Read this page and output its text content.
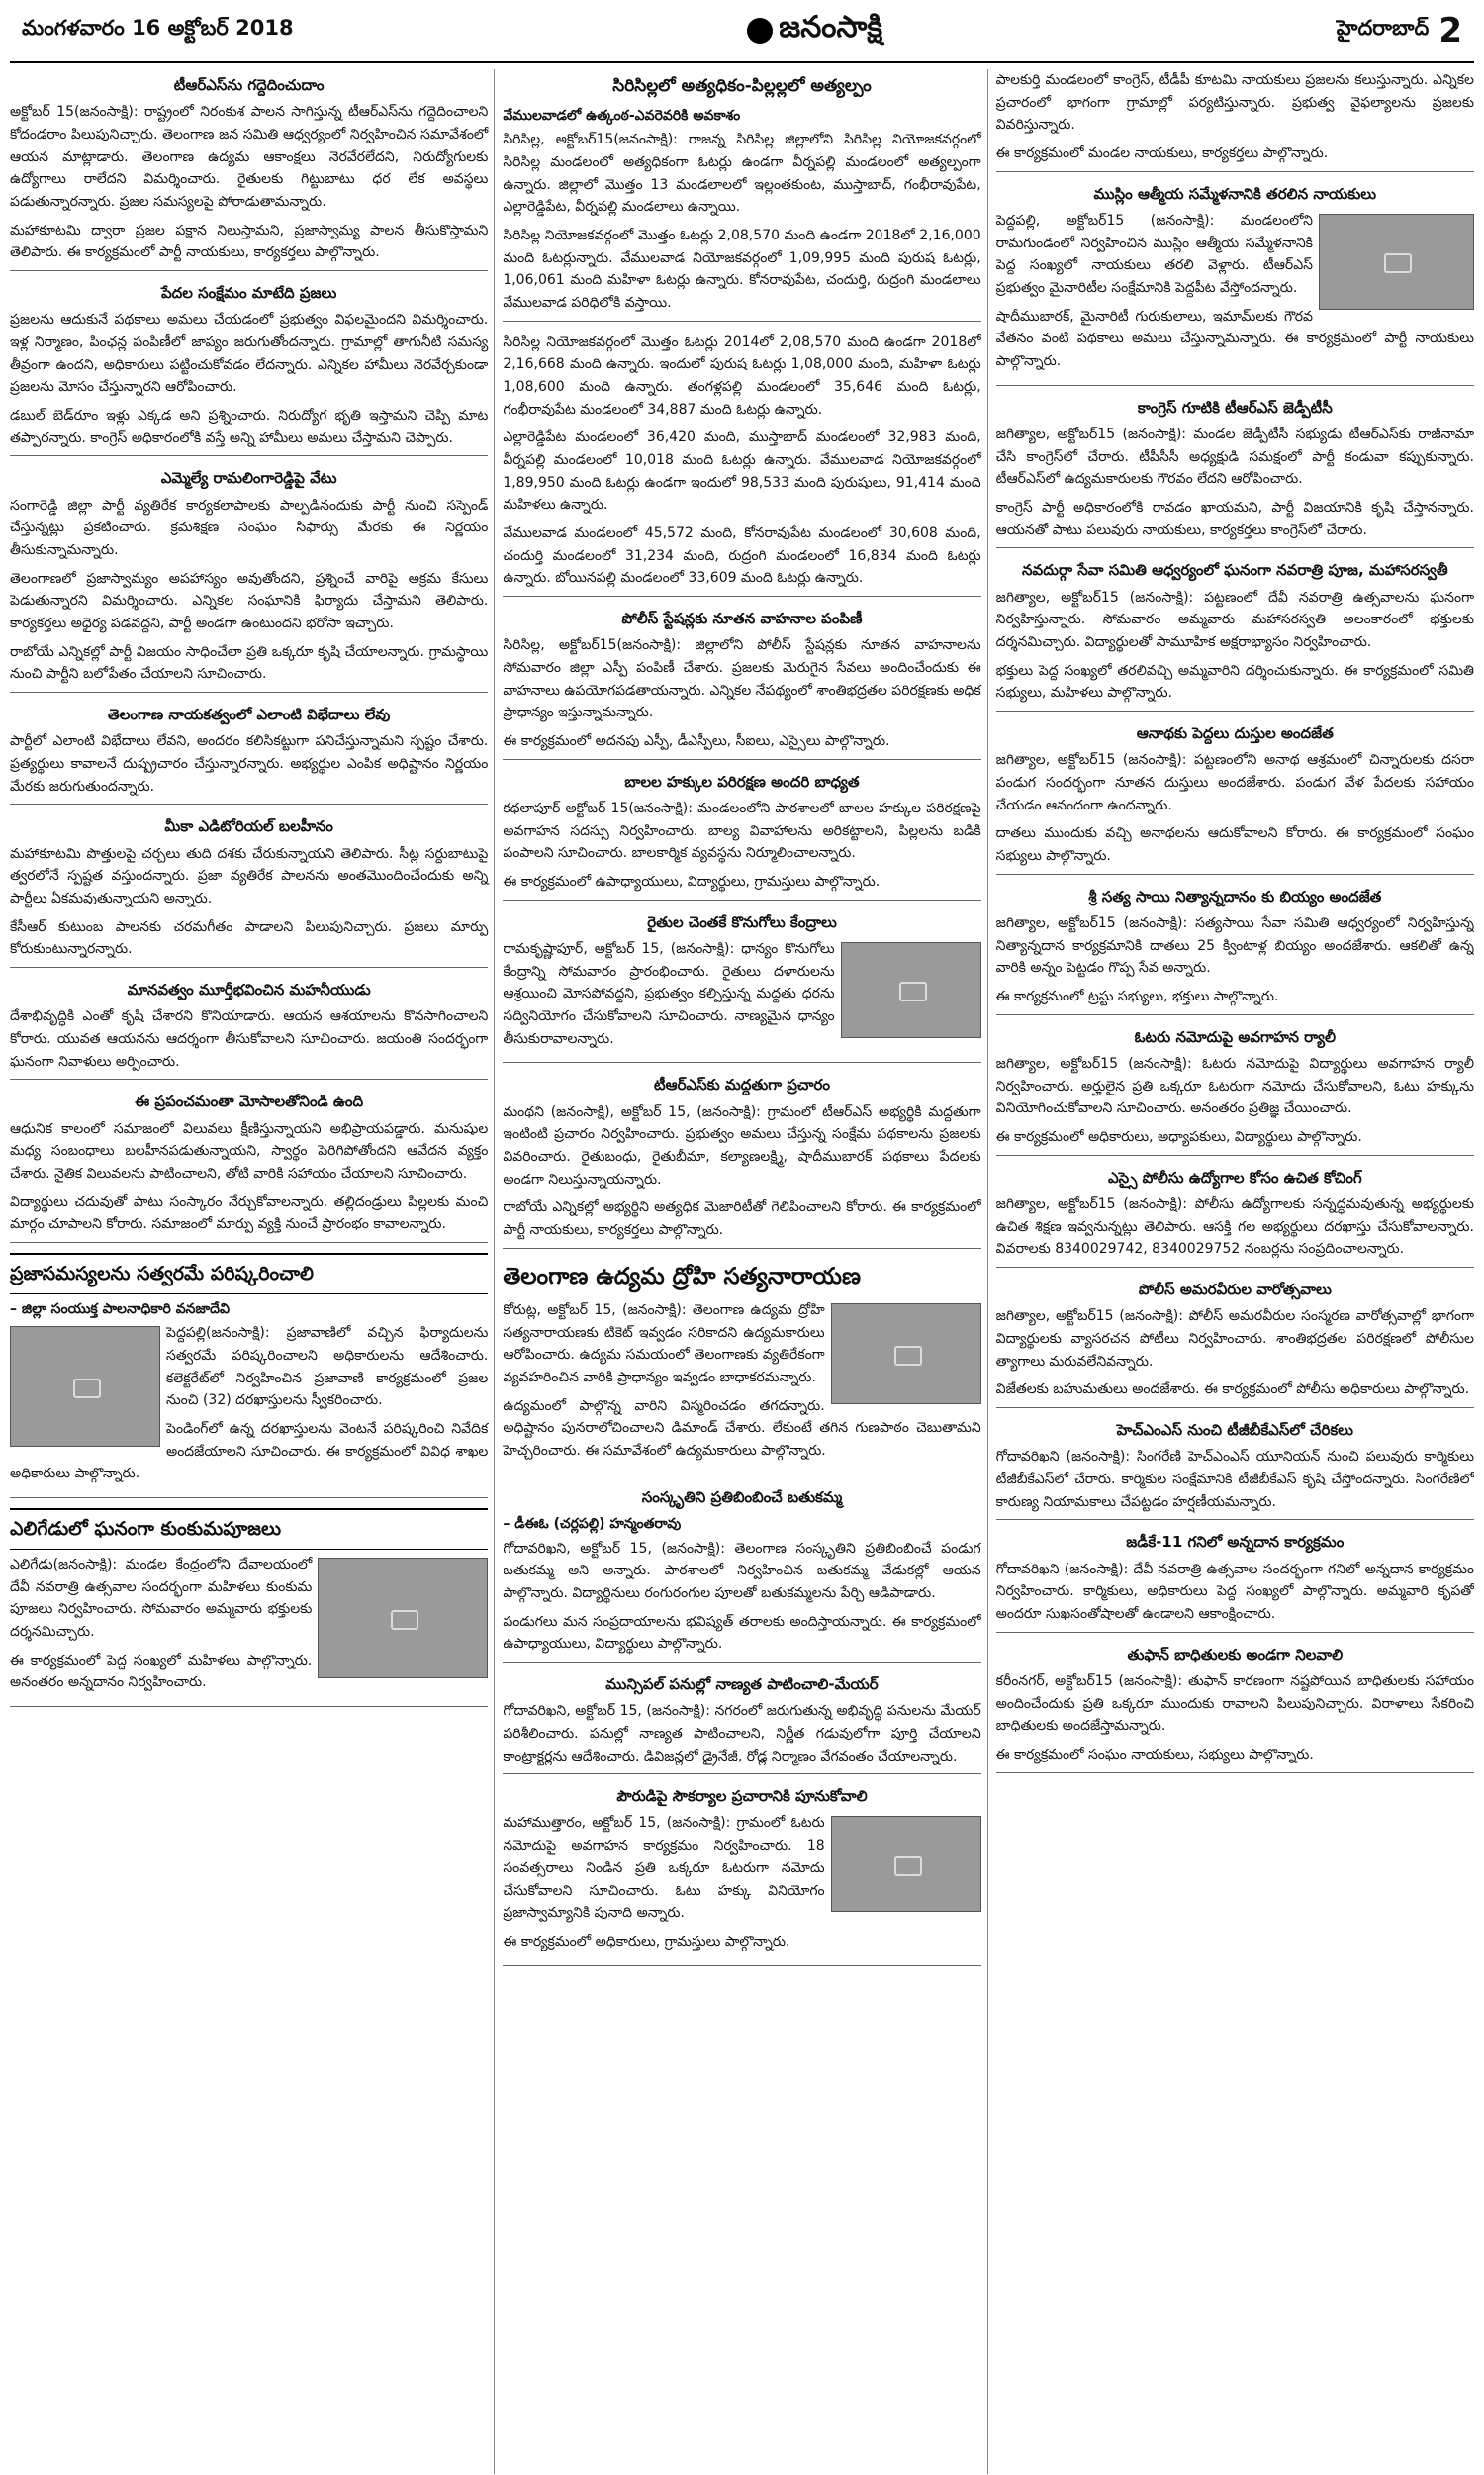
మంగళవారం 16 అక్టోబర్ 2018	జనంసాక్షి	హైదరాబాద్ 2
టీఆర్ఎస్‌ను గద్దెదించుదాం

అక్టోబర్ 15(జనంసాక్షి): రాష్ట్రంలో నిరంకుశ పాలన సాగిస్తున్న టీఆర్ఎస్‌ను గద్దెదించాలని కోదండరాం పిలుపునిచ్చారు. తెలంగాణ జన సమితి ఆధ్వర్యంలో నిర్వహించిన సమావేశంలో ఆయన మాట్లాడారు. తెలంగాణ ఉద్యమ ఆకాంక్షలు నెరవేరలేదని, నిరుద్యోగులకు ఉద్యోగాలు రాలేదని విమర్శించారు. రైతులకు గిట్టుబాటు ధర లేక అవస్థలు పడుతున్నారన్నారు. ప్రజల సమస్యలపై పోరాడుతామన్నారు.

మహాకూటమి ద్వారా ప్రజల పక్షాన నిలుస్తామని, ప్రజాస్వామ్య పాలన తీసుకొస్తామని తెలిపారు. ఈ కార్యక్రమంలో పార్టీ నాయకులు, కార్యకర్తలు పాల్గొన్నారు.

పేదల సంక్షేమం మాటేది ప్రజలు

ప్రజలను ఆదుకునే పథకాలు అమలు చేయడంలో ప్రభుత్వం విఫలమైందని విమర్శించారు. ఇళ్ల నిర్మాణం, పింఛన్ల పంపిణీలో జాప్యం జరుగుతోందన్నారు. గ్రామాల్లో తాగునీటి సమస్య తీవ్రంగా ఉందని, అధికారులు పట్టించుకోవడం లేదన్నారు. ఎన్నికల హామీలు నెరవేర్చకుండా ప్రజలను మోసం చేస్తున్నారని ఆరోపించారు.

డబుల్ బెడ్‌రూం ఇళ్లు ఎక్కడ అని ప్రశ్నించారు. నిరుద్యోగ భృతి ఇస్తామని చెప్పి మాట తప్పారన్నారు. కాంగ్రెస్ అధికారంలోకి వస్తే అన్ని హామీలు అమలు చేస్తామని చెప్పారు.

ఎమ్మెల్యే రామలింగారెడ్డిపై వేటు

సంగారెడ్డి జిల్లా పార్టీ వ్యతిరేక కార్యకలాపాలకు పాల్పడినందుకు పార్టీ నుంచి సస్పెండ్ చేస్తున్నట్లు ప్రకటించారు. క్రమశిక్షణ సంఘం సిఫార్సు మేరకు ఈ నిర్ణయం తీసుకున్నామన్నారు.

తెలంగాణలో ప్రజాస్వామ్యం అపహాస్యం అవుతోందని, ప్రశ్నించే వారిపై అక్రమ కేసులు పెడుతున్నారని విమర్శించారు. ఎన్నికల సంఘానికి ఫిర్యాదు చేస్తామని తెలిపారు. కార్యకర్తలు అధైర్య పడవద్దని, పార్టీ అండగా ఉంటుందని భరోసా ఇచ్చారు.

రాబోయే ఎన్నికల్లో పార్టీ విజయం సాధించేలా ప్రతి ఒక్కరూ కృషి చేయాలన్నారు. గ్రామస్థాయి నుంచి పార్టీని బలోపేతం చేయాలని సూచించారు.

తెలంగాణ నాయకత్వంలో ఎలాంటి విభేదాలు లేవు

పార్టీలో ఎలాంటి విభేదాలు లేవని, అందరం కలిసికట్టుగా పనిచేస్తున్నామని స్పష్టం చేశారు. ప్రత్యర్థులు కావాలనే దుష్ప్రచారం చేస్తున్నారన్నారు. అభ్యర్థుల ఎంపిక అధిష్టానం నిర్ణయం మేరకు జరుగుతుందన్నారు.

మీకా ఎడిటోరియల్ బలహీనం

మహాకూటమి పొత్తులపై చర్చలు తుది దశకు చేరుకున్నాయని తెలిపారు. సీట్ల సర్దుబాటుపై త్వరలోనే స్పష్టత వస్తుందన్నారు. ప్రజా వ్యతిరేక పాలనను అంతమొందించేందుకు అన్ని పార్టీలు ఏకమవుతున్నాయని అన్నారు.

కేసీఆర్ కుటుంబ పాలనకు చరమగీతం పాడాలని పిలుపునిచ్చారు. ప్రజలు మార్పు కోరుకుంటున్నారన్నారు.

మానవత్వం మూర్తీభవించిన మహనీయుడు

దేశాభివృద్ధికి ఎంతో కృషి చేశారని కొనియాడారు. ఆయన ఆశయాలను కొనసాగించాలని కోరారు. యువత ఆయనను ఆదర్శంగా తీసుకోవాలని సూచించారు. జయంతి సందర్భంగా ఘనంగా నివాళులు అర్పించారు.

ఈ ప్రపంచమంతా మోసాలతోనిండి ఉంది

ఆధునిక కాలంలో సమాజంలో విలువలు క్షీణిస్తున్నాయని అభిప్రాయపడ్డారు. మనుషుల మధ్య సంబంధాలు బలహీనపడుతున్నాయని, స్వార్థం పెరిగిపోతోందని ఆవేదన వ్యక్తం చేశారు. నైతిక విలువలను పాటించాలని, తోటి వారికి సహాయం చేయాలని సూచించారు.

విద్యార్థులు చదువుతో పాటు సంస్కారం నేర్చుకోవాలన్నారు. తల్లిదండ్రులు పిల్లలకు మంచి మార్గం చూపాలని కోరారు. సమాజంలో మార్పు వ్యక్తి నుంచే ప్రారంభం కావాలన్నారు.

ప్రజాసమస్యలను సత్వరమే పరిష్కరించాలి
– జిల్లా సంయుక్త పాలనాధికారి వనజాదేవి

పెద్దపల్లి(జనంసాక్షి): ప్రజావాణిలో వచ్చిన ఫిర్యాదులను సత్వరమే పరిష్కరించాలని అధికారులను ఆదేశించారు. కలెక్టరేట్‌లో నిర్వహించిన ప్రజావాణి కార్యక్రమంలో ప్రజల నుంచి (32) దరఖాస్తులను స్వీకరించారు.

పెండింగ్‌లో ఉన్న దరఖాస్తులను వెంటనే పరిష్కరించి నివేదిక అందజేయాలని సూచించారు. ఈ కార్యక్రమంలో వివిధ శాఖల అధికారులు పాల్గొన్నారు.

ఎలిగేడులో ఘనంగా కుంకుమపూజలు

ఎలిగేడు(జనంసాక్షి): మండల కేంద్రంలోని దేవాలయంలో దేవీ నవరాత్రి ఉత్సవాల సందర్భంగా మహిళలు కుంకుమ పూజలు నిర్వహించారు. సోమవారం అమ్మవారు భక్తులకు దర్శనమిచ్చారు.

ఈ కార్యక్రమంలో పెద్ద సంఖ్యలో మహిళలు పాల్గొన్నారు. అనంతరం అన్నదానం నిర్వహించారు.

సిరిసిల్లలో అత్యధికం-పిల్లల్లలో అత్యల్పం
వేములవాడలో ఉత్కంఠ-ఎవరెవరికి అవకాశం

సిరిసిల్ల, అక్టోబర్15(జనంసాక్షి): రాజన్న సిరిసిల్ల జిల్లాలోని సిరిసిల్ల నియోజకవర్గంలో సిరిసిల్ల మండలంలో అత్యధికంగా ఓటర్లు ఉండగా వీర్నపల్లి మండలంలో అత్యల్పంగా ఉన్నారు. జిల్లాలో మొత్తం 13 మండలాలలో ఇల్లంతకుంట, ముస్తాబాద్, గంభీరావుపేట, ఎల్లారెడ్డిపేట, వీర్నపల్లి మండలాలు ఉన్నాయి.

సిరిసిల్ల నియోజకవర్గంలో మొత్తం ఓటర్లు 2,08,570 మంది ఉండగా 2018లో 2,16,000 మంది ఓటర్లున్నారు. వేములవాడ నియోజకవర్గంలో 1,09,995 మంది పురుష ఓటర్లు, 1,06,061 మంది మహిళా ఓటర్లు ఉన్నారు. కోనరావుపేట, చందుర్తి, రుద్రంగి మండలాలు వేములవాడ పరిధిలోకి వస్తాయి.

సిరిసిల్ల నియోజకవర్గంలో మొత్తం ఓటర్లు 2014లో 2,08,570 మంది ఉండగా 2018లో 2,16,668 మంది ఉన్నారు. ఇందులో పురుష ఓటర్లు 1,08,000 మంది, మహిళా ఓటర్లు 1,08,600 మంది ఉన్నారు. తంగళ్లపల్లి మండలంలో 35,646 మంది ఓటర్లు, గంభీరావుపేట మండలంలో 34,887 మంది ఓటర్లు ఉన్నారు.

ఎల్లారెడ్డిపేట మండలంలో 36,420 మంది, ముస్తాబాద్ మండలంలో 32,983 మంది, వీర్నపల్లి మండలంలో 10,018 మంది ఓటర్లు ఉన్నారు. వేములవాడ నియోజకవర్గంలో 1,89,950 మంది ఓటర్లు ఉండగా ఇందులో 98,533 మంది పురుషులు, 91,414 మంది మహిళలు ఉన్నారు.

వేములవాడ మండలంలో 45,572 మంది, కోనరావుపేట మండలంలో 30,608 మంది, చందుర్తి మండలంలో 31,234 మంది, రుద్రంగి మండలంలో 16,834 మంది ఓటర్లు ఉన్నారు. బోయినపల్లి మండలంలో 33,609 మంది ఓటర్లు ఉన్నారు.

పోలీస్ స్టేషన్లకు నూతన వాహనాల పంపిణీ

సిరిసిల్ల, అక్టోబర్15(జనంసాక్షి): జిల్లాలోని పోలీస్ స్టేషన్లకు నూతన వాహనాలను సోమవారం జిల్లా ఎస్పీ పంపిణీ చేశారు. ప్రజలకు మెరుగైన సేవలు అందించేందుకు ఈ వాహనాలు ఉపయోగపడతాయన్నారు. ఎన్నికల నేపథ్యంలో శాంతిభద్రతల పరిరక్షణకు అధిక ప్రాధాన్యం ఇస్తున్నామన్నారు.

ఈ కార్యక్రమంలో అదనపు ఎస్పీ, డీఎస్పీలు, సీఐలు, ఎస్సైలు పాల్గొన్నారు.

బాలల హక్కుల పరిరక్షణ అందరి బాధ్యత

కథలాపూర్ అక్టోబర్ 15(జనంసాక్షి): మండలంలోని పాఠశాలలో బాలల హక్కుల పరిరక్షణపై అవగాహన సదస్సు నిర్వహించారు. బాల్య వివాహాలను అరికట్టాలని, పిల్లలను బడికి పంపాలని సూచించారు. బాలకార్మిక వ్యవస్థను నిర్మూలించాలన్నారు.

ఈ కార్యక్రమంలో ఉపాధ్యాయులు, విద్యార్థులు, గ్రామస్తులు పాల్గొన్నారు.

రైతుల చెంతకే కొనుగోలు కేంద్రాలు

రామకృష్ణాపూర్, అక్టోబర్ 15, (జనంసాక్షి): ధాన్యం కొనుగోలు కేంద్రాన్ని సోమవారం ప్రారంభించారు. రైతులు దళారులను ఆశ్రయించి మోసపోవద్దని, ప్రభుత్వం కల్పిస్తున్న మద్దతు ధరను సద్వినియోగం చేసుకోవాలని సూచించారు. నాణ్యమైన ధాన్యం తీసుకురావాలన్నారు.

టీఆర్ఎస్‌కు మద్దతుగా ప్రచారం

మంథని (జనంసాక్షి), అక్టోబర్ 15, (జనంసాక్షి): గ్రామంలో టీఆర్ఎస్ అభ్యర్థికి మద్దతుగా ఇంటింటి ప్రచారం నిర్వహించారు. ప్రభుత్వం అమలు చేస్తున్న సంక్షేమ పథకాలను ప్రజలకు వివరించారు. రైతుబంధు, రైతుబీమా, కల్యాణలక్ష్మి, షాదీముబారక్ పథకాలు పేదలకు అండగా నిలుస్తున్నాయన్నారు.

రాబోయే ఎన్నికల్లో అభ్యర్థిని అత్యధిక మెజారిటీతో గెలిపించాలని కోరారు. ఈ కార్యక్రమంలో పార్టీ నాయకులు, కార్యకర్తలు పాల్గొన్నారు.

తెలంగాణ ఉద్యమ ద్రోహి సత్యనారాయణ

కోరుట్ల, అక్టోబర్ 15, (జనంసాక్షి): తెలంగాణ ఉద్యమ ద్రోహి సత్యనారాయణకు టికెట్ ఇవ్వడం సరికాదని ఉద్యమకారులు ఆరోపించారు. ఉద్యమ సమయంలో తెలంగాణకు వ్యతిరేకంగా వ్యవహరించిన వారికి ప్రాధాన్యం ఇవ్వడం బాధాకరమన్నారు.

ఉద్యమంలో పాల్గొన్న వారిని విస్మరించడం తగదన్నారు. అధిష్టానం పునరాలోచించాలని డిమాండ్ చేశారు. లేకుంటే తగిన గుణపాఠం చెబుతామని హెచ్చరించారు. ఈ సమావేశంలో ఉద్యమకారులు పాల్గొన్నారు.

సంస్కృతిని ప్రతిబింబించే బతుకమ్మ
– డీఈఓ (చర్లపల్లి) హన్మంతరావు

గోదావరిఖని, అక్టోబర్ 15, (జనంసాక్షి): తెలంగాణ సంస్కృతిని ప్రతిబింబించే పండుగ బతుకమ్మ అని అన్నారు. పాఠశాలలో నిర్వహించిన బతుకమ్మ వేడుకల్లో ఆయన పాల్గొన్నారు. విద్యార్థినులు రంగురంగుల పూలతో బతుకమ్మలను పేర్చి ఆడిపాడారు.

పండుగలు మన సంప్రదాయాలను భవిష్యత్ తరాలకు అందిస్తాయన్నారు. ఈ కార్యక్రమంలో ఉపాధ్యాయులు, విద్యార్థులు పాల్గొన్నారు.

మున్సిపల్ పనుల్లో నాణ్యత పాటించాలి-మేయర్

గోదావరిఖని, అక్టోబర్ 15, (జనంసాక్షి): నగరంలో జరుగుతున్న అభివృద్ధి పనులను మేయర్ పరిశీలించారు. పనుల్లో నాణ్యత పాటించాలని, నిర్ణీత గడువులోగా పూర్తి చేయాలని కాంట్రాక్టర్లను ఆదేశించారు. డివిజన్లలో డ్రైనేజీ, రోడ్ల నిర్మాణం వేగవంతం చేయాలన్నారు.

పౌరుడిపై సౌకర్యాల ప్రచారానికి పూనుకోవాలి

మహాముత్తారం, అక్టోబర్ 15, (జనంసాక్షి): గ్రామంలో ఓటరు నమోదుపై అవగాహన కార్యక్రమం నిర్వహించారు. 18 సంవత్సరాలు నిండిన ప్రతి ఒక్కరూ ఓటరుగా నమోదు చేసుకోవాలని సూచించారు. ఓటు హక్కు వినియోగం ప్రజాస్వామ్యానికి పునాది అన్నారు.

ఈ కార్యక్రమంలో అధికారులు, గ్రామస్తులు పాల్గొన్నారు.

పాలకుర్తి మండలంలో కాంగ్రెస్, టీడీపీ కూటమి నాయకులు ప్రజలను కలుస్తున్నారు. ఎన్నికల ప్రచారంలో భాగంగా గ్రామాల్లో పర్యటిస్తున్నారు. ప్రభుత్వ వైఫల్యాలను ప్రజలకు వివరిస్తున్నారు.

ఈ కార్యక్రమంలో మండల నాయకులు, కార్యకర్తలు పాల్గొన్నారు.

ముస్లిం ఆత్మీయ సమ్మేళనానికి తరలిన నాయకులు

పెద్దపల్లి, అక్టోబర్15 (జనంసాక్షి): మండలంలోని రామగుండంలో నిర్వహించిన ముస్లిం ఆత్మీయ సమ్మేళనానికి పెద్ద సంఖ్యలో నాయకులు తరలి వెళ్లారు. టీఆర్ఎస్ ప్రభుత్వం మైనారిటీల సంక్షేమానికి పెద్దపీట వేస్తోందన్నారు.

షాదీముబారక్, మైనారిటీ గురుకులాలు, ఇమామ్‌లకు గౌరవ వేతనం వంటి పథకాలు అమలు చేస్తున్నామన్నారు. ఈ కార్యక్రమంలో పార్టీ నాయకులు పాల్గొన్నారు.

కాంగ్రెస్ గూటికి టీఆర్ఎస్ జెడ్పీటీసీ

జగిత్యాల, అక్టోబర్15 (జనంసాక్షి): మండల జెడ్పీటీసీ సభ్యుడు టీఆర్ఎస్‌కు రాజీనామా చేసి కాంగ్రెస్‌లో చేరారు. టీపీసీసీ అధ్యక్షుడి సమక్షంలో పార్టీ కండువా కప్పుకున్నారు. టీఆర్ఎస్‌లో ఉద్యమకారులకు గౌరవం లేదని ఆరోపించారు.

కాంగ్రెస్ పార్టీ అధికారంలోకి రావడం ఖాయమని, పార్టీ విజయానికి కృషి చేస్తానన్నారు. ఆయనతో పాటు పలువురు నాయకులు, కార్యకర్తలు కాంగ్రెస్‌లో చేరారు.

నవదుర్గా సేవా సమితి ఆధ్వర్యంలో ఘనంగా నవరాత్రి పూజ, మహాసరస్వతీ

జగిత్యాల, అక్టోబర్15 (జనంసాక్షి): పట్టణంలో దేవీ నవరాత్రి ఉత్సవాలను ఘనంగా నిర్వహిస్తున్నారు. సోమవారం అమ్మవారు మహాసరస్వతి అలంకారంలో భక్తులకు దర్శనమిచ్చారు. విద్యార్థులతో సామూహిక అక్షరాభ్యాసం నిర్వహించారు.

భక్తులు పెద్ద సంఖ్యలో తరలివచ్చి అమ్మవారిని దర్శించుకున్నారు. ఈ కార్యక్రమంలో సమితి సభ్యులు, మహిళలు పాల్గొన్నారు.

ఆనాథకు పెద్దలు దుస్తుల అందజేత

జగిత్యాల, అక్టోబర్15 (జనంసాక్షి): పట్టణంలోని అనాథ ఆశ్రమంలో చిన్నారులకు దసరా పండుగ సందర్భంగా నూతన దుస్తులు అందజేశారు. పండుగ వేళ పేదలకు సహాయం చేయడం ఆనందంగా ఉందన్నారు.

దాతలు ముందుకు వచ్చి అనాథలను ఆదుకోవాలని కోరారు. ఈ కార్యక్రమంలో సంఘం సభ్యులు పాల్గొన్నారు.

శ్రీ సత్య సాయి నిత్యాన్నదానం కు బియ్యం అందజేత

జగిత్యాల, అక్టోబర్15 (జనంసాక్షి): సత్యసాయి సేవా సమితి ఆధ్వర్యంలో నిర్వహిస్తున్న నిత్యాన్నదాన కార్యక్రమానికి దాతలు 25 క్వింటాళ్ల బియ్యం అందజేశారు. ఆకలితో ఉన్న వారికి అన్నం పెట్టడం గొప్ప సేవ అన్నారు.

ఈ కార్యక్రమంలో ట్రస్టు సభ్యులు, భక్తులు పాల్గొన్నారు.

ఓటరు నమోదుపై అవగాహన ర్యాలీ

జగిత్యాల, అక్టోబర్15 (జనంసాక్షి): ఓటరు నమోదుపై విద్యార్థులు అవగాహన ర్యాలీ నిర్వహించారు. అర్హులైన ప్రతి ఒక్కరూ ఓటరుగా నమోదు చేసుకోవాలని, ఓటు హక్కును వినియోగించుకోవాలని సూచించారు. అనంతరం ప్రతిజ్ఞ చేయించారు.

ఈ కార్యక్రమంలో అధికారులు, అధ్యాపకులు, విద్యార్థులు పాల్గొన్నారు.

ఎస్సై పోలీసు ఉద్యోగాల కోసం ఉచిత కోచింగ్

జగిత్యాల, అక్టోబర్15 (జనంసాక్షి): పోలీసు ఉద్యోగాలకు సన్నద్ధమవుతున్న అభ్యర్థులకు ఉచిత శిక్షణ ఇవ్వనున్నట్లు తెలిపారు. ఆసక్తి గల అభ్యర్థులు దరఖాస్తు చేసుకోవాలన్నారు. వివరాలకు 8340029742, 8340029752 నంబర్లను సంప్రదించాలన్నారు.

పోలీస్ అమరవీరుల వారోత్సవాలు

జగిత్యాల, అక్టోబర్15 (జనంసాక్షి): పోలీస్ అమరవీరుల సంస్మరణ వారోత్సవాల్లో భాగంగా విద్యార్థులకు వ్యాసరచన పోటీలు నిర్వహించారు. శాంతిభద్రతల పరిరక్షణలో పోలీసుల త్యాగాలు మరువలేనివన్నారు.

విజేతలకు బహుమతులు అందజేశారు. ఈ కార్యక్రమంలో పోలీసు అధికారులు పాల్గొన్నారు.

హెచ్ఎంఎస్ నుంచి టీజీబీకేఎస్‌లో చేరికలు

గోదావరిఖని (జనంసాక్షి): సింగరేణి హెచ్ఎంఎస్ యూనియన్ నుంచి పలువురు కార్మికులు టీజీబీకేఎస్‌లో చేరారు. కార్మికుల సంక్షేమానికి టీజీబీకేఎస్ కృషి చేస్తోందన్నారు. సింగరేణిలో కారుణ్య నియామకాలు చేపట్టడం హర్షణీయమన్నారు.

జడీకే-11 గనిలో అన్నదాన కార్యక్రమం

గోదావరిఖని (జనంసాక్షి): దేవీ నవరాత్రి ఉత్సవాల సందర్భంగా గనిలో అన్నదాన కార్యక్రమం నిర్వహించారు. కార్మికులు, అధికారులు పెద్ద సంఖ్యలో పాల్గొన్నారు. అమ్మవారి కృపతో అందరూ సుఖసంతోషాలతో ఉండాలని ఆకాంక్షించారు.

తుఫాన్ బాధితులకు అండగా నిలవాలి

కరీంనగర్, అక్టోబర్15 (జనంసాక్షి): తుఫాన్ కారణంగా నష్టపోయిన బాధితులకు సహాయం అందించేందుకు ప్రతి ఒక్కరూ ముందుకు రావాలని పిలుపునిచ్చారు. విరాళాలు సేకరించి బాధితులకు అందజేస్తామన్నారు.

ఈ కార్యక్రమంలో సంఘం నాయకులు, సభ్యులు పాల్గొన్నారు.
